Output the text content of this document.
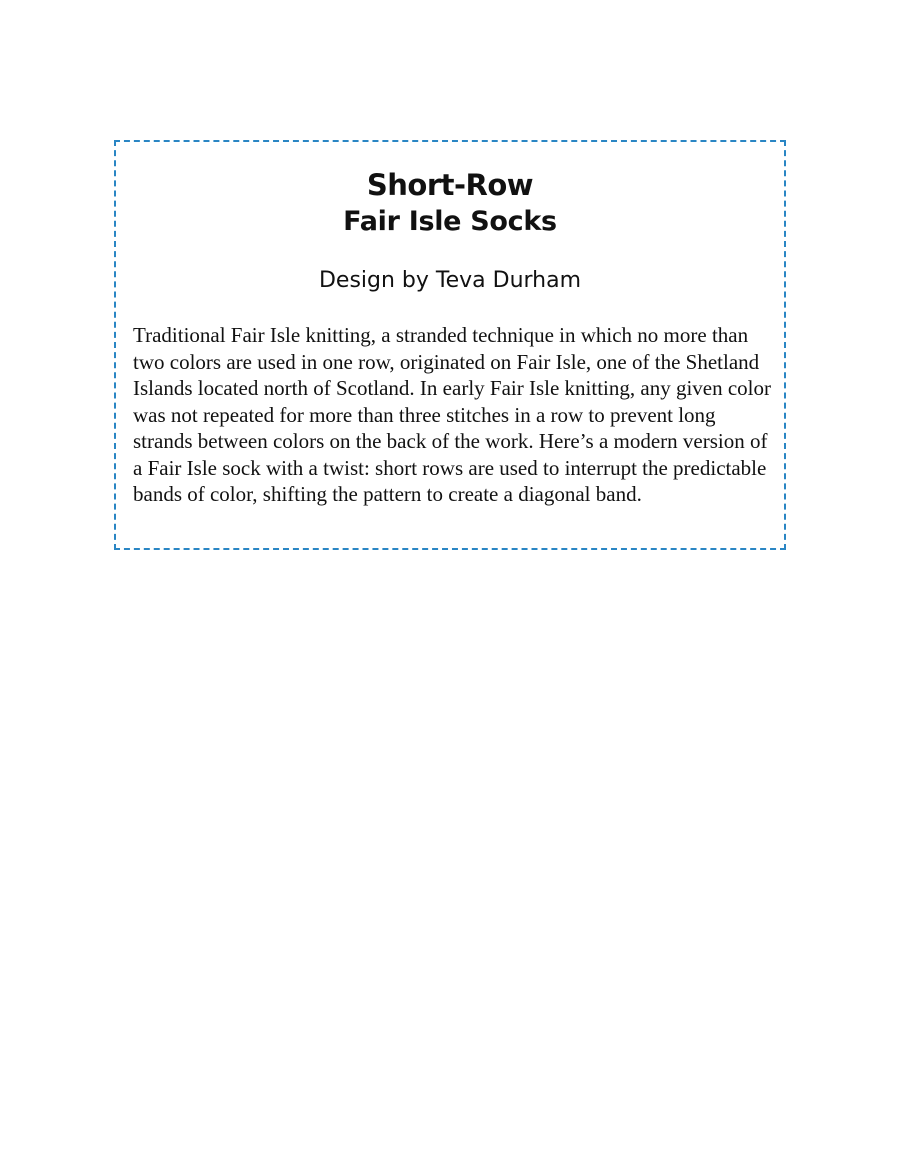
Short-Row
Fair Isle Socks
Design by Teva Durham

Traditional Fair Isle knitting, a stranded technique in which no more than two colors are used in one row, originated on Fair Isle, one of the Shetland Islands located north of Scotland. In early Fair Isle knitting, any given color was not repeated for more than three stitches in a row to prevent long strands between colors on the back of the work. Here’s a modern version of a Fair Isle sock with a twist: short rows are used to interrupt the predictable bands of color, shifting the pattern to create a diagonal band.
